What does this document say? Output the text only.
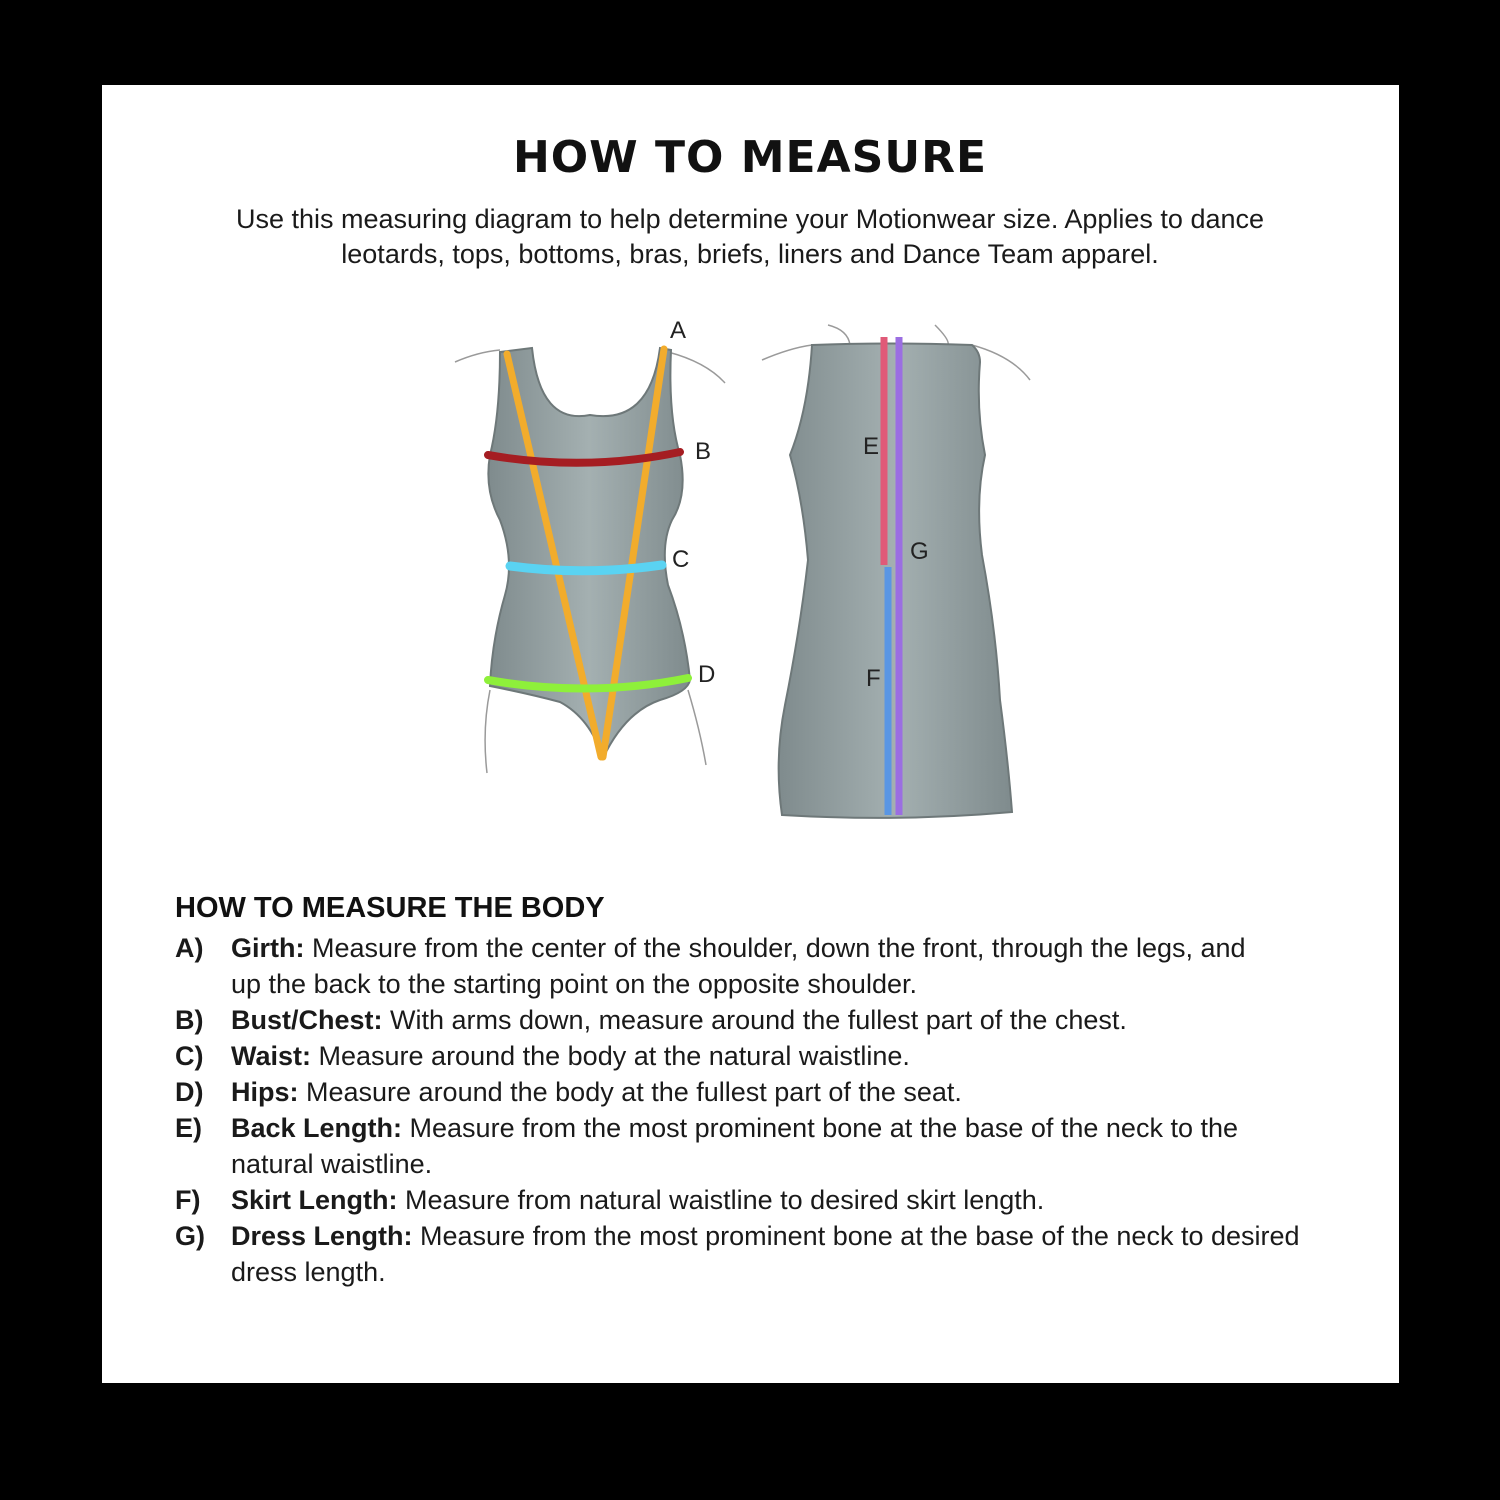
HOW TO MEASURE

Use this measuring diagram to help determine your Motionwear size. Applies to dance
leotards, tops, bottoms, bras, briefs, liners and Dance Team apparel.

A
B
C
D
E
G
F
HOW TO MEASURE THE BODY
A) Girth: Measure from the center of the shoulder, down the front, through the legs, and
up the back to the starting point on the opposite shoulder.
B) Bust/Chest: With arms down, measure around the fullest part of the chest.
C) Waist: Measure around the body at the natural waistline.
D) Hips: Measure around the body at the fullest part of the seat.
E) Back Length: Measure from the most prominent bone at the base of the neck to the
natural waistline.
F) Skirt Length: Measure from natural waistline to desired skirt length.
G) Dress Length: Measure from the most prominent bone at the base of the neck to desired
dress length.
